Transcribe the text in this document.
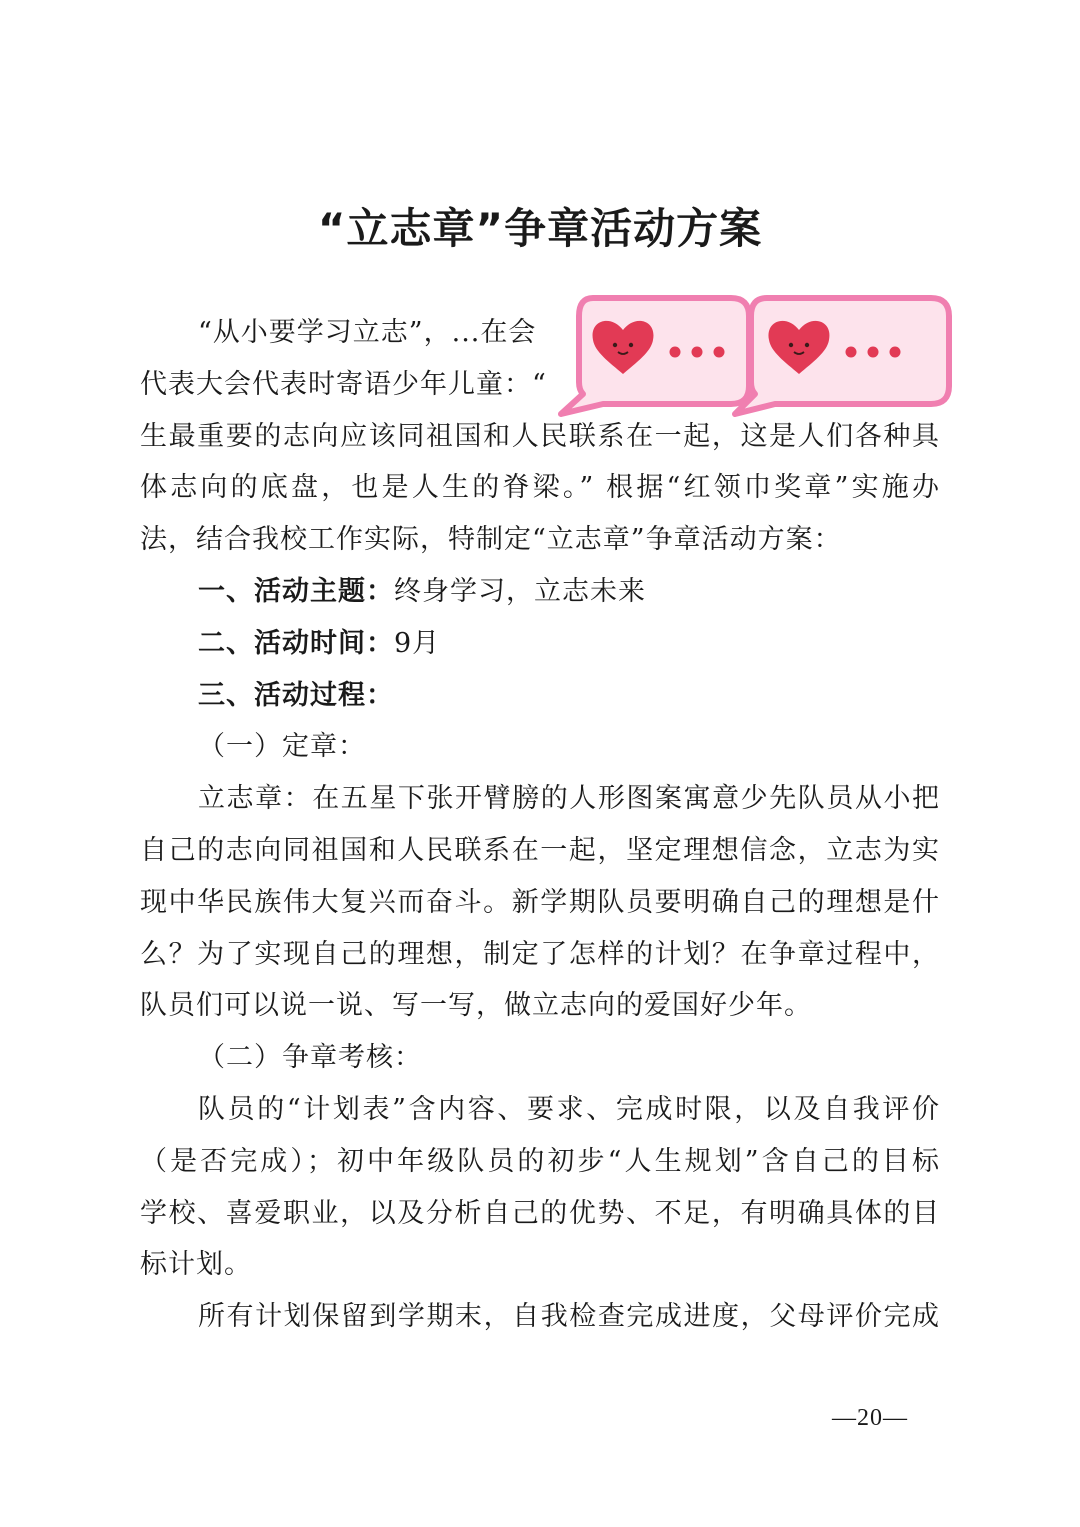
“立志章”争章活动方案

“从小要学习立志”，...在会

代表大会代表时寄语少年儿童：“

生最重要的志向应该同祖国和人民联系在一起，这是人们各种具

体志向的底盘，也是人生的脊梁。” 根据“红领巾奖章”实施办

法，结合我校工作实际，特制定“立志章”争章活动方案：

一、活动主题：终身学习，立志未来

二、活动时间：9月

三、活动过程：

（一）定章：

立志章：在五星下张开臂膀的人形图案寓意少先队员从小把

自己的志向同祖国和人民联系在一起，坚定理想信念，立志为实

现中华民族伟大复兴而奋斗。新学期队员要明确自己的理想是什

么？为了实现自己的理想，制定了怎样的计划？在争章过程中，

队员们可以说一说、写一写，做立志向的爱国好少年。

（二）争章考核：

队员的“计划表”含内容、要求、完成时限，以及自我评价

（是否完成）；初中年级队员的初步“人生规划”含自己的目标

学校、喜爱职业，以及分析自己的优势、不足，有明确具体的目

标计划。

所有计划保留到学期末，自我检查完成进度，父母评价完成

—20—
